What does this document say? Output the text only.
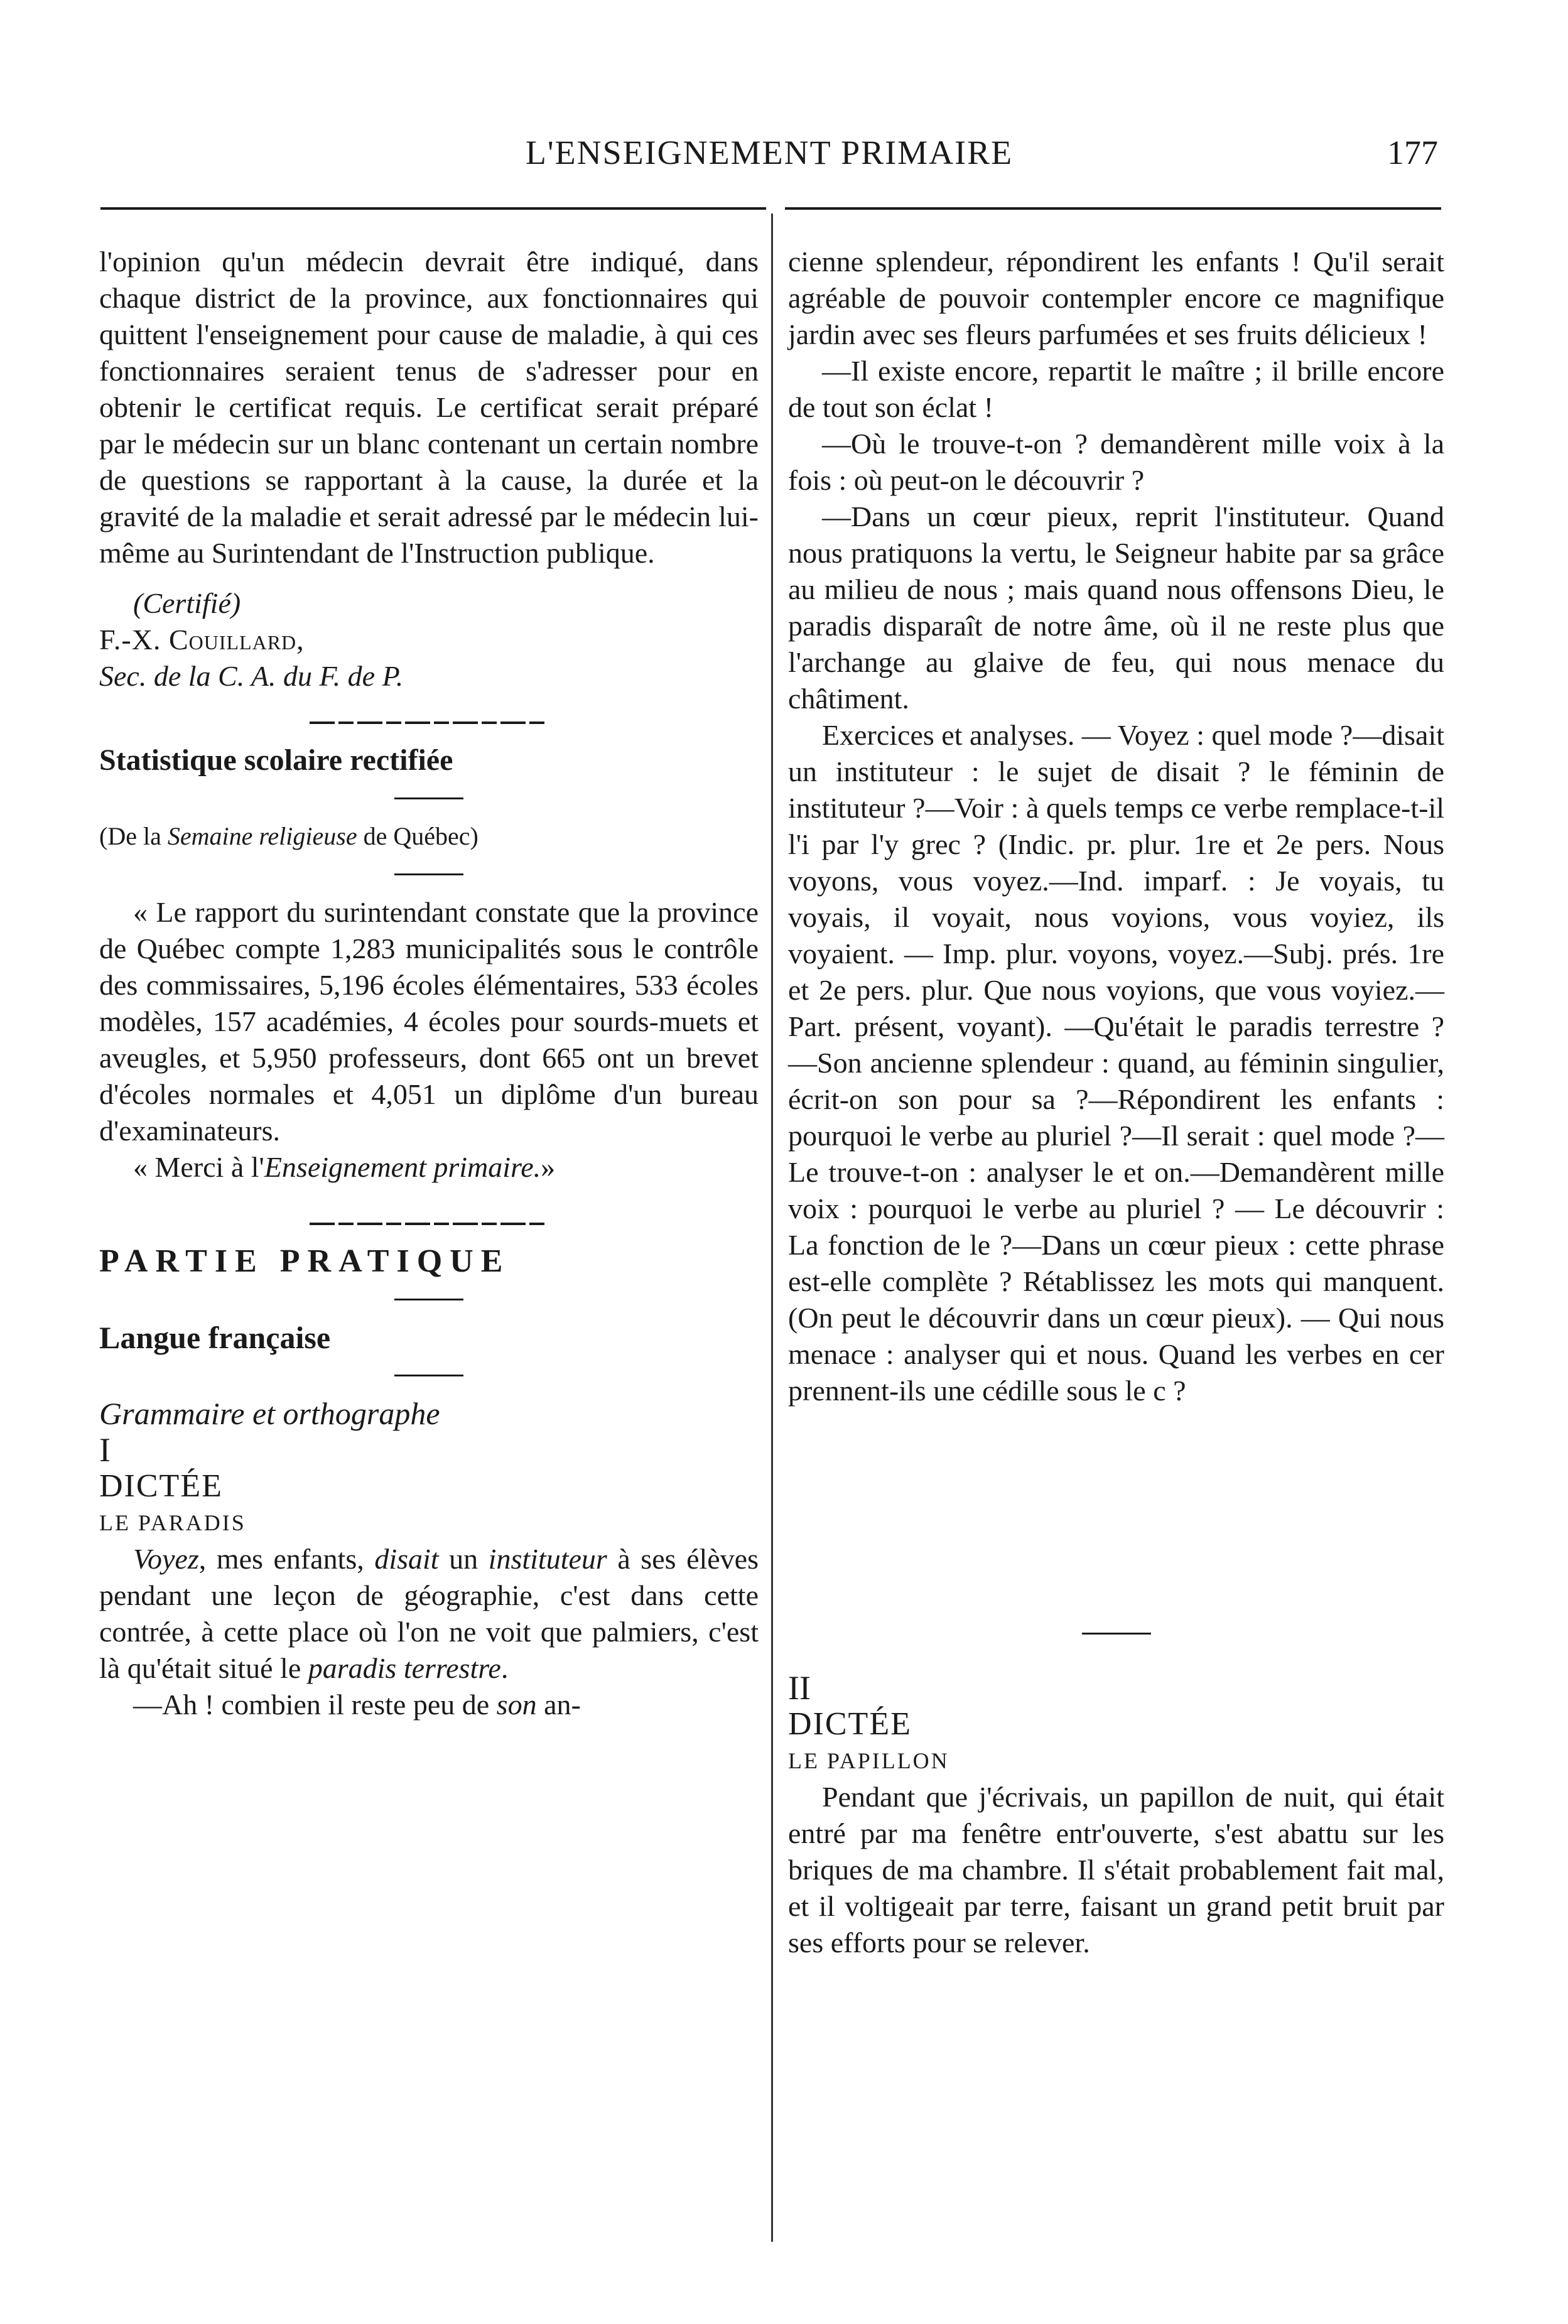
L'ENSEIGNEMENT PRIMAIRE	177

l'opinion qu'un médecin devrait être indiqué, dans chaque district de la province, aux fonctionnaires qui quittent l'enseignement pour cause de maladie, à qui ces fonctionnaires seraient tenus de s'adresser pour en obtenir le certificat requis. Le certificat serait préparé par le médecin sur un blanc contenant un certain nombre de questions se rapportant à la cause, la durée et la gravité de la maladie et serait adressé par le médecin lui-même au Surintendant de l'Instruction publique.

(Certifié)

F.-X. Couillard,

Sec. de la C. A. du F. de P.

Statistique scolaire rectifiée

(De la Semaine religieuse de Québec)

« Le rapport du surintendant constate que la province de Québec compte 1,283 municipalités sous le contrôle des commissaires, 5,196 écoles élémentaires, 533 écoles modèles, 157 académies, 4 écoles pour sourds-muets et aveugles, et 5,950 professeurs, dont 665 ont un brevet d'écoles normales et 4,051 un diplôme d'un bureau d'examinateurs.

« Merci à l'Enseignement primaire.»

PARTIE PRATIQUE

Langue française

Grammaire et orthographe

I

DICTÉE

LE PARADIS

Voyez, mes enfants, disait un instituteur à ses élèves pendant une leçon de géographie, c'est dans cette contrée, à cette place où l'on ne voit que palmiers, c'est là qu'était situé le paradis terrestre.

—Ah ! combien il reste peu de son an-

cienne splendeur, répondirent les enfants ! Qu'il serait agréable de pouvoir contempler encore ce magnifique jardin avec ses fleurs parfumées et ses fruits délicieux !

—Il existe encore, repartit le maître ; il brille encore de tout son éclat !

—Où le trouve-t-on ? demandèrent mille voix à la fois : où peut-on le découvrir ?

—Dans un cœur pieux, reprit l'instituteur. Quand nous pratiquons la vertu, le Seigneur habite par sa grâce au milieu de nous ; mais quand nous offensons Dieu, le paradis disparaît de notre âme, où il ne reste plus que l'archange au glaive de feu, qui nous menace du châtiment.

Exercices et analyses. — Voyez : quel mode ?—disait un instituteur : le sujet de disait ? le féminin de instituteur ?—Voir : à quels temps ce verbe remplace-t-il l'i par l'y grec ? (Indic. pr. plur. 1re et 2e pers. Nous voyons, vous voyez.—Ind. imparf. : Je voyais, tu voyais, il voyait, nous voyions, vous voyiez, ils voyaient. — Imp. plur. voyons, voyez.—Subj. prés. 1re et 2e pers. plur. Que nous voyions, que vous voyiez.—Part. présent, voyant). —Qu'était le paradis terrestre ? —Son ancienne splendeur : quand, au féminin singulier, écrit-on son pour sa ?—Répondirent les enfants : pourquoi le verbe au pluriel ?—Il serait : quel mode ?—Le trouve-t-on : analyser le et on.—Demandèrent mille voix : pourquoi le verbe au pluriel ? — Le découvrir : La fonction de le ?—Dans un cœur pieux : cette phrase est-elle complète ? Rétablissez les mots qui manquent. (On peut le découvrir dans un cœur pieux). — Qui nous menace : analyser qui et nous. Quand les verbes en cer prennent-ils une cédille sous le c ?

II

DICTÉE

LE PAPILLON

Pendant que j'écrivais, un papillon de nuit, qui était entré par ma fenêtre entr'ouverte, s'est abattu sur les briques de ma chambre. Il s'était probablement fait mal, et il voltigeait par terre, faisant un grand petit bruit par ses efforts pour se relever.
